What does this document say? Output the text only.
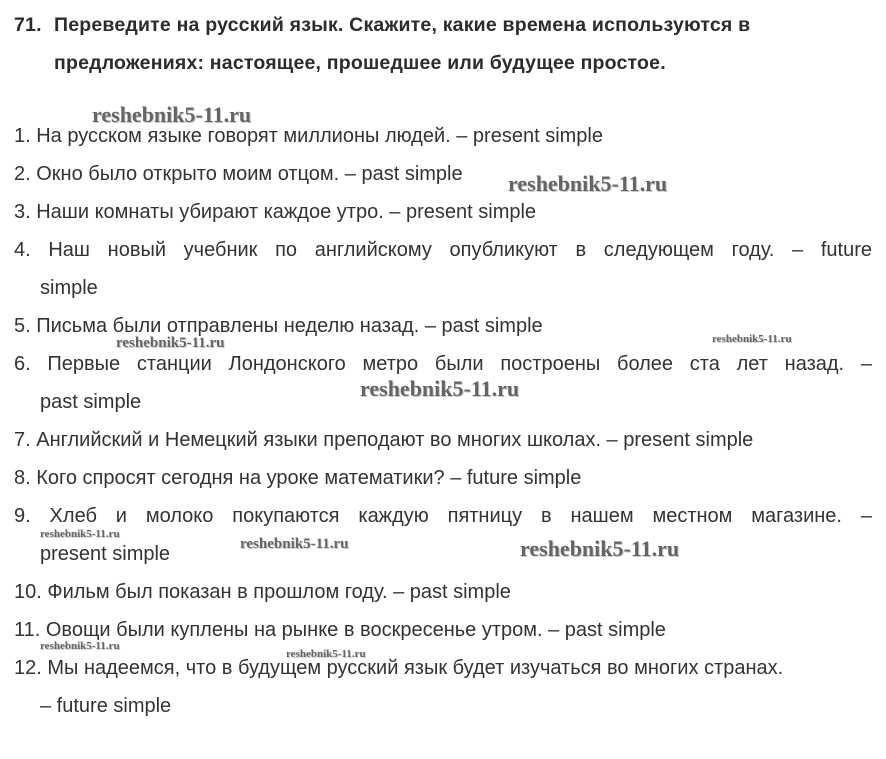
71. Переведите на русский язык. Скажите, какие времена используются в
предложениях: настоящее, прошедшее или будущее простое.
1. На русском языке говорят миллионы людей. – present simple
2. Окно было открыто моим отцом. – past simple
3. Наши комнаты убирают каждое утро. – present simple
4. Наш новый учебник по английскому опубликуют в следующем году. – future
simple
5. Письма были отправлены неделю назад. – past simple
6. Первые станции Лондонского метро были построены более ста лет назад. –
past simple
7. Английский и Немецкий языки преподают во многих школах. – present simple
8. Кого спросят сегодня на уроке математики? – future simple
9. Хлеб и молоко покупаются каждую пятницу в нашем местном магазине. –
present simple
10. Фильм был показан в прошлом году. – past simple
11. Овощи были куплены на рынке в воскресенье утром. – past simple
12. Мы надеемся, что в будущем русский язык будет изучаться во многих странах.
– future simple
reshebnik5-11.ru
reshebnik5-11.ru
reshebnik5-11.ru
reshebnik5-11.ru
reshebnik5-11.ru
reshebnik5-11.ru
reshebnik5-11.ru	reshebnik5-11.ru
reshebnik5-11.ru
reshebnik5-11.ru
